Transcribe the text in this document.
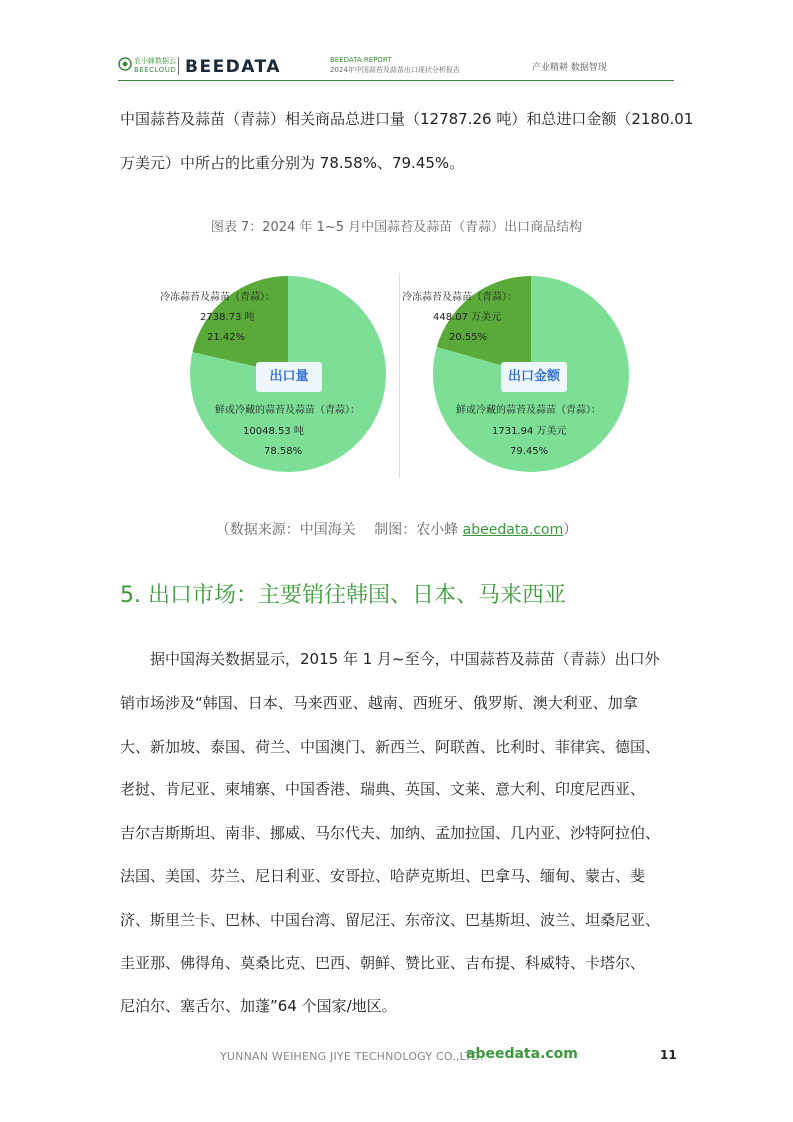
农小蜂数据云
BEECLOUD BEEDATA	BEEDATA REPORT
2024年中国蒜苔及蒜苗出口现状分析报告	产业精耕 数据智现
中国蒜苔及蒜苗（青蒜）相关商品总进口量（12787.26 吨）和总进口金额（2180.01
万美元）中所占的比重分别为 78.58%、79.45%。
图表 7：2024 年 1~5 月中国蒜苔及蒜苗（青蒜）出口商品结构
冷冻蒜苔及蒜苗（青蒜）：
2738.73 吨
21.42%
出口量
鲜或冷藏的蒜苔及蒜苗（青蒜）：
10048.53 吨
78.58%
冷冻蒜苔及蒜苗（青蒜）：
448.07 万美元
20.55%
出口金额
鲜或冷藏的蒜苔及蒜苗（青蒜）：
1731.94 万美元
79.45%
（数据来源：中国海关　 制图：农小蜂 abeedata.com）
5. 出口市场：主要销往韩国、日本、马来西亚
据中国海关数据显示，2015 年 1 月~至今，中国蒜苔及蒜苗（青蒜）出口外
销市场涉及“韩国、日本、马来西亚、越南、西班牙、俄罗斯、澳大利亚、加拿
大、新加坡、泰国、荷兰、中国澳门、新西兰、阿联酋、比利时、菲律宾、德国、
老挝、肯尼亚、柬埔寨、中国香港、瑞典、英国、文莱、意大利、印度尼西亚、
吉尔吉斯斯坦、南非、挪威、马尔代夫、加纳、孟加拉国、几内亚、沙特阿拉伯、
法国、美国、芬兰、尼日利亚、安哥拉、哈萨克斯坦、巴拿马、缅甸、蒙古、斐
济、斯里兰卡、巴林、中国台湾、留尼汪、东帝汶、巴基斯坦、波兰、坦桑尼亚、
圭亚那、佛得角、莫桑比克、巴西、朝鲜、赞比亚、吉布提、科威特、卡塔尔、
尼泊尔、塞舌尔、加蓬”64 个国家/地区。
YUNNAN WEIHENG JIYE TECHNOLOGY CO.,LTD.
abeedata.com	11
